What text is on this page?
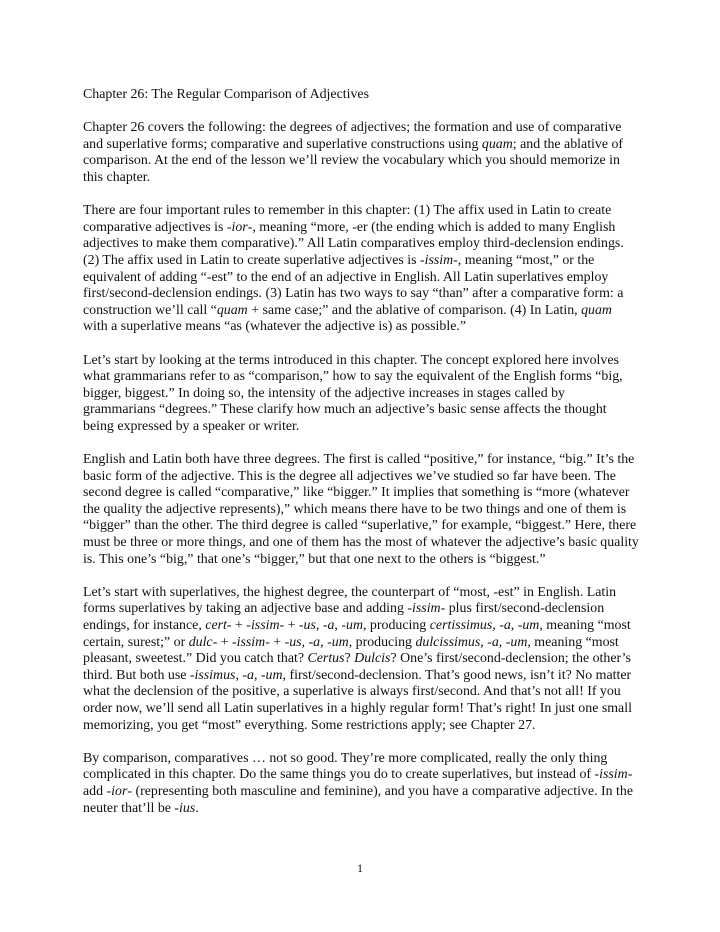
Chapter 26: The Regular Comparison of Adjectives

Chapter 26 covers the following: the degrees of adjectives; the formation and use of comparative and superlative forms; comparative and superlative constructions using quam; and the ablative of comparison. At the end of the lesson we’ll review the vocabulary which you should memorize in this chapter.

There are four important rules to remember in this chapter: (1) The affix used in Latin to create comparative adjectives is -ior-, meaning “more, -er (the ending which is added to many English adjectives to make them comparative).” All Latin comparatives employ third-declension endings. (2) The affix used in Latin to create superlative adjectives is -issim-, meaning “most,” or the equivalent of adding “-est” to the end of an adjective in English. All Latin superlatives employ first/second-declension endings. (3) Latin has two ways to say “than” after a comparative form: a construction we’ll call “quam + same case;” and the ablative of comparison. (4) In Latin, quam with a superlative means “as (whatever the adjective is) as possible.”

Let’s start by looking at the terms introduced in this chapter. The concept explored here involves what grammarians refer to as “comparison,” how to say the equivalent of the English forms “big, bigger, biggest.” In doing so, the intensity of the adjective increases in stages called by grammarians “degrees.” These clarify how much an adjective’s basic sense affects the thought being expressed by a speaker or writer.

English and Latin both have three degrees. The first is called “positive,” for instance, “big.” It’s the basic form of the adjective. This is the degree all adjectives we’ve studied so far have been. The second degree is called “comparative,” like “bigger.” It implies that something is “more (whatever the quality the adjective represents),” which means there have to be two things and one of them is “bigger” than the other. The third degree is called “superlative,” for example, “biggest.” Here, there must be three or more things, and one of them has the most of whatever the adjective’s basic quality is. This one’s “big,” that one’s “bigger,” but that one next to the others is “biggest.”

Let’s start with superlatives, the highest degree, the counterpart of “most, -est” in English. Latin forms superlatives by taking an adjective base and adding -issim- plus first/second-declension endings, for instance, cert- + -issim- + -us, -a, -um, producing certissimus, -a, -um, meaning “most certain, surest;” or dulc- + -issim- + -us, -a, -um, producing dulcissimus, -a, -um, meaning “most pleasant, sweetest.” Did you catch that? Certus? Dulcis? One’s first/second-declension; the other’s third. But both use -issimus, -a, -um, first/second-declension. That’s good news, isn’t it? No matter what the declension of the positive, a superlative is always first/second. And that’s not all! If you order now, we’ll send all Latin superlatives in a highly regular form! That’s right! In just one small memorizing, you get “most” everything. Some restrictions apply; see Chapter 27.

By comparison, comparatives … not so good. They’re more complicated, really the only thing complicated in this chapter. Do the same things you do to create superlatives, but instead of -issim- add -ior- (representing both masculine and feminine), and you have a comparative adjective. In the neuter that’ll be -ius.

1
